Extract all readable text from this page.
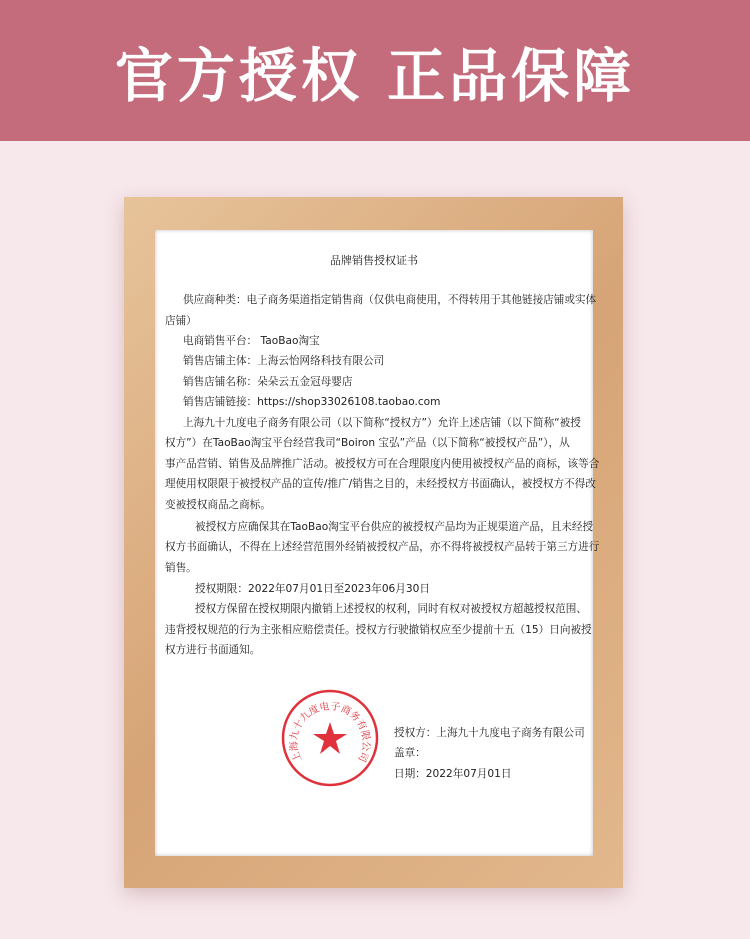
官方授权 正品保障
品牌销售授权证书
供应商种类：电子商务渠道指定销售商（仅供电商使用，不得转用于其他链接店铺或实体
店铺）
电商销售平台： TaoBao淘宝
销售店铺主体：上海云怡网络科技有限公司
销售店铺名称：朵朵云五金冠母婴店
销售店铺链接：https://shop33026108.taobao.com
上海九十九度电子商务有限公司（以下简称“授权方”）允许上述店铺（以下简称“被授
权方”）在TaoBao淘宝平台经营我司“Boiron 宝弘”产品（以下简称“被授权产品”），从
事产品营销、销售及品牌推广活动。被授权方可在合理限度内使用被授权产品的商标，该等合
理使用权限限于被授权产品的宣传/推广/销售之目的，未经授权方书面确认，被授权方不得改
变被授权商品之商标。
被授权方应确保其在TaoBao淘宝平台供应的被授权产品均为正规渠道产品，且未经授
权方书面确认，不得在上述经营范围外经销被授权产品，亦不得将被授权产品转于第三方进行
销售。
授权期限：2022年07月01日至2023年06月30日
授权方保留在授权期限内撤销上述授权的权利，同时有权对被授权方超越授权范围、
违背授权规范的行为主张相应赔偿责任。授权方行驶撤销权应至少提前十五（15）日向被授
权方进行书面通知。
授权方：上海九十九度电子商务有限公司
盖章：
日期：2022年07月01日
上海九十九度电子商务有限公司
